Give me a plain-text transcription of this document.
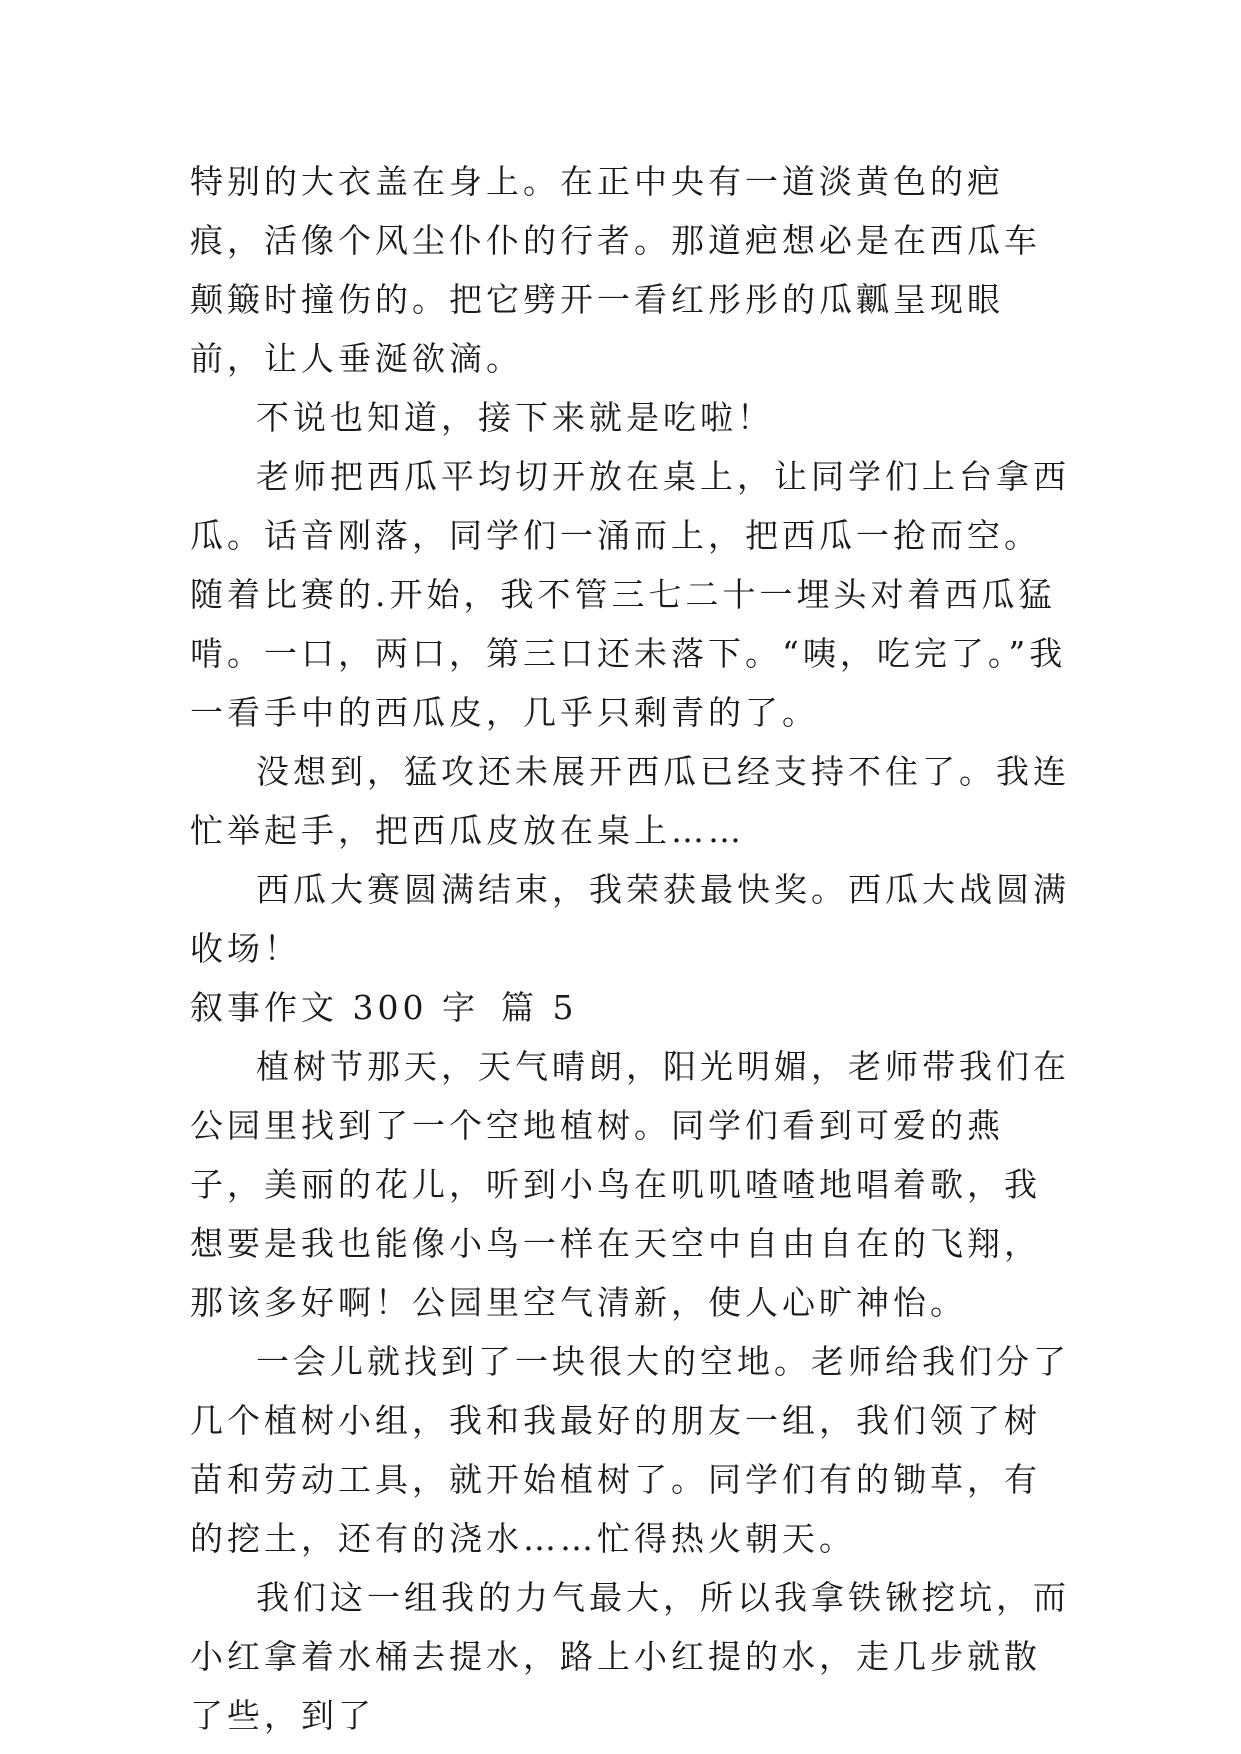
特别的大衣盖在身上。在正中央有一道淡黄色的疤痕，活像个风尘仆仆的行者。那道疤想必是在西瓜车颠簸时撞伤的。把它劈开一看红彤彤的瓜瓤呈现眼前，让人垂涎欲滴。

不说也知道，接下来就是吃啦！

老师把西瓜平均切开放在桌上，让同学们上台拿西瓜。话音刚落，同学们一涌而上，把西瓜一抢而空。随着比赛的.开始，我不管三七二十一埋头对着西瓜猛啃。一口，两口，第三口还未落下。“咦，吃完了。”我一看手中的西瓜皮，几乎只剩青的了。

没想到，猛攻还未展开西瓜已经支持不住了。我连忙举起手，把西瓜皮放在桌上……

西瓜大赛圆满结束，我荣获最快奖。西瓜大战圆满收场！

叙事作文 300 字 篇 5

植树节那天，天气晴朗，阳光明媚，老师带我们在公园里找到了一个空地植树。同学们看到可爱的燕子，美丽的花儿，听到小鸟在叽叽喳喳地唱着歌，我想要是我也能像小鸟一样在天空中自由自在的飞翔，那该多好啊！公园里空气清新，使人心旷神怡。

一会儿就找到了一块很大的空地。老师给我们分了几个植树小组，我和我最好的朋友一组，我们领了树苗和劳动工具，就开始植树了。同学们有的锄草，有的挖土，还有的浇水……忙得热火朝天。

我们这一组我的力气最大，所以我拿铁锹挖坑，而小红拿着水桶去提水，路上小红提的水，走几步就散了些，到了
